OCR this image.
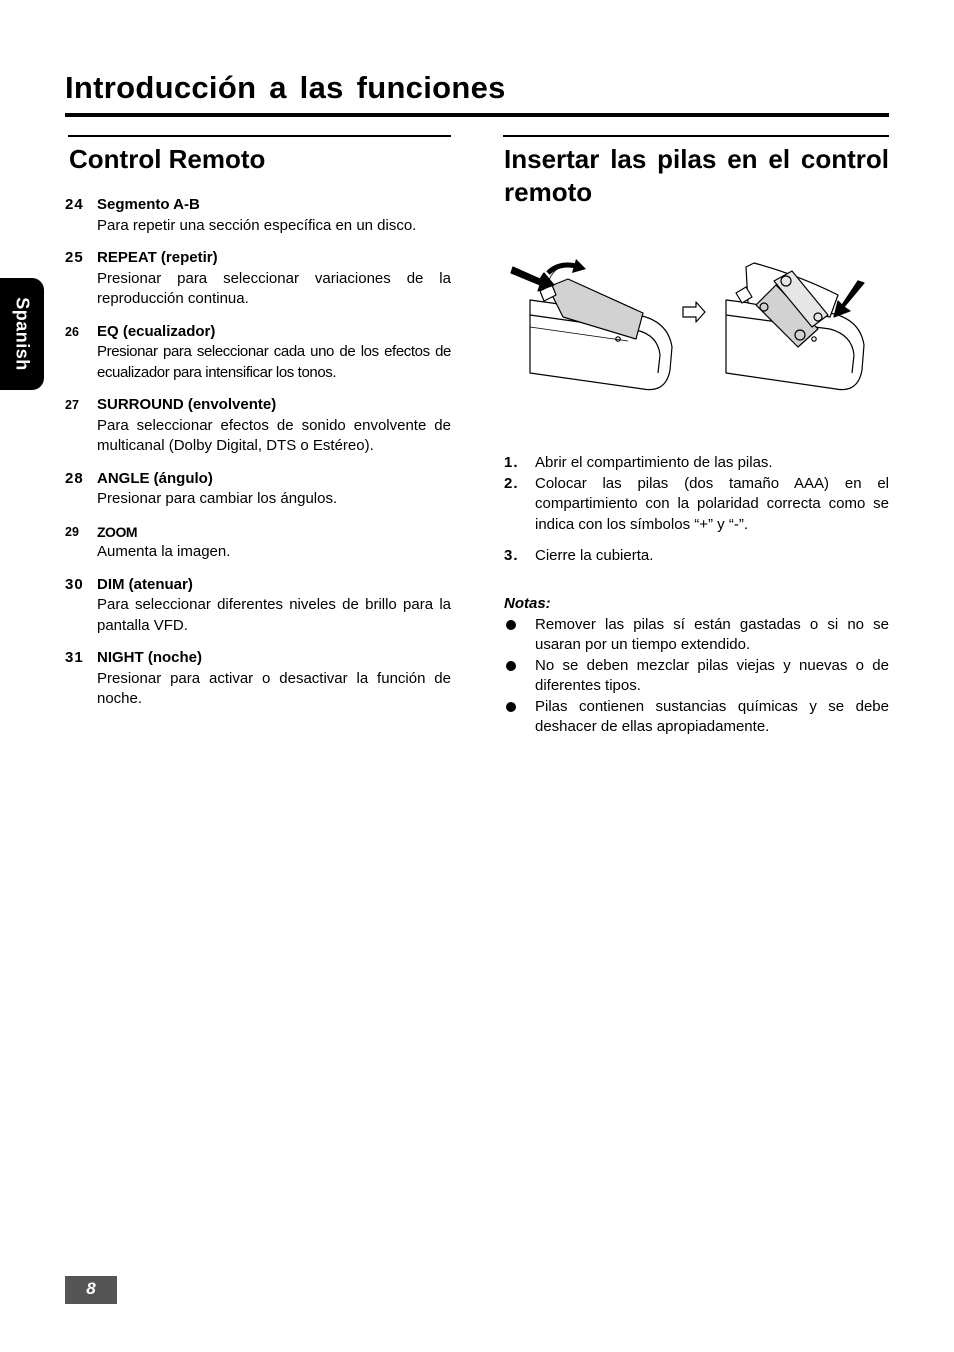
Introducción a las funciones
Spanish
Control Remoto
24 Segmento A-B
Para repetir una sección específica en un disco.
25 REPEAT (repetir)
Presionar para seleccionar variaciones de la reproducción continua.
26 EQ (ecualizador)
Presionar para seleccionar cada uno de los efectos de ecualizador para intensificar los tonos.
27 SURROUND (envolvente)
Para seleccionar efectos de sonido envolvente de multicanal (Dolby Digital, DTS o Estéreo).
28 ANGLE (ángulo)
Presionar para cambiar los ángulos.
29 ZOOM
Aumenta la imagen.
30 DIM (atenuar)
Para seleccionar diferentes niveles de brillo para la pantalla VFD.
31 NIGHT (noche)
Presionar para activar o desactivar la función de noche.
Insertar las pilas en el control remoto
1. Abrir el compartimiento de las pilas.
2. Colocar las pilas (dos tamaño AAA) en el compartimiento con la polaridad correcta como se indica con los símbolos “+” y “-”.
3. Cierre la cubierta.
Notas:
Remover las pilas sí están gastadas o si no se usaran por un tiempo extendido.
No se deben mezclar pilas viejas y nuevas o de diferentes tipos.
Pilas contienen sustancias químicas y se debe deshacer de ellas apropiadamente.
8
